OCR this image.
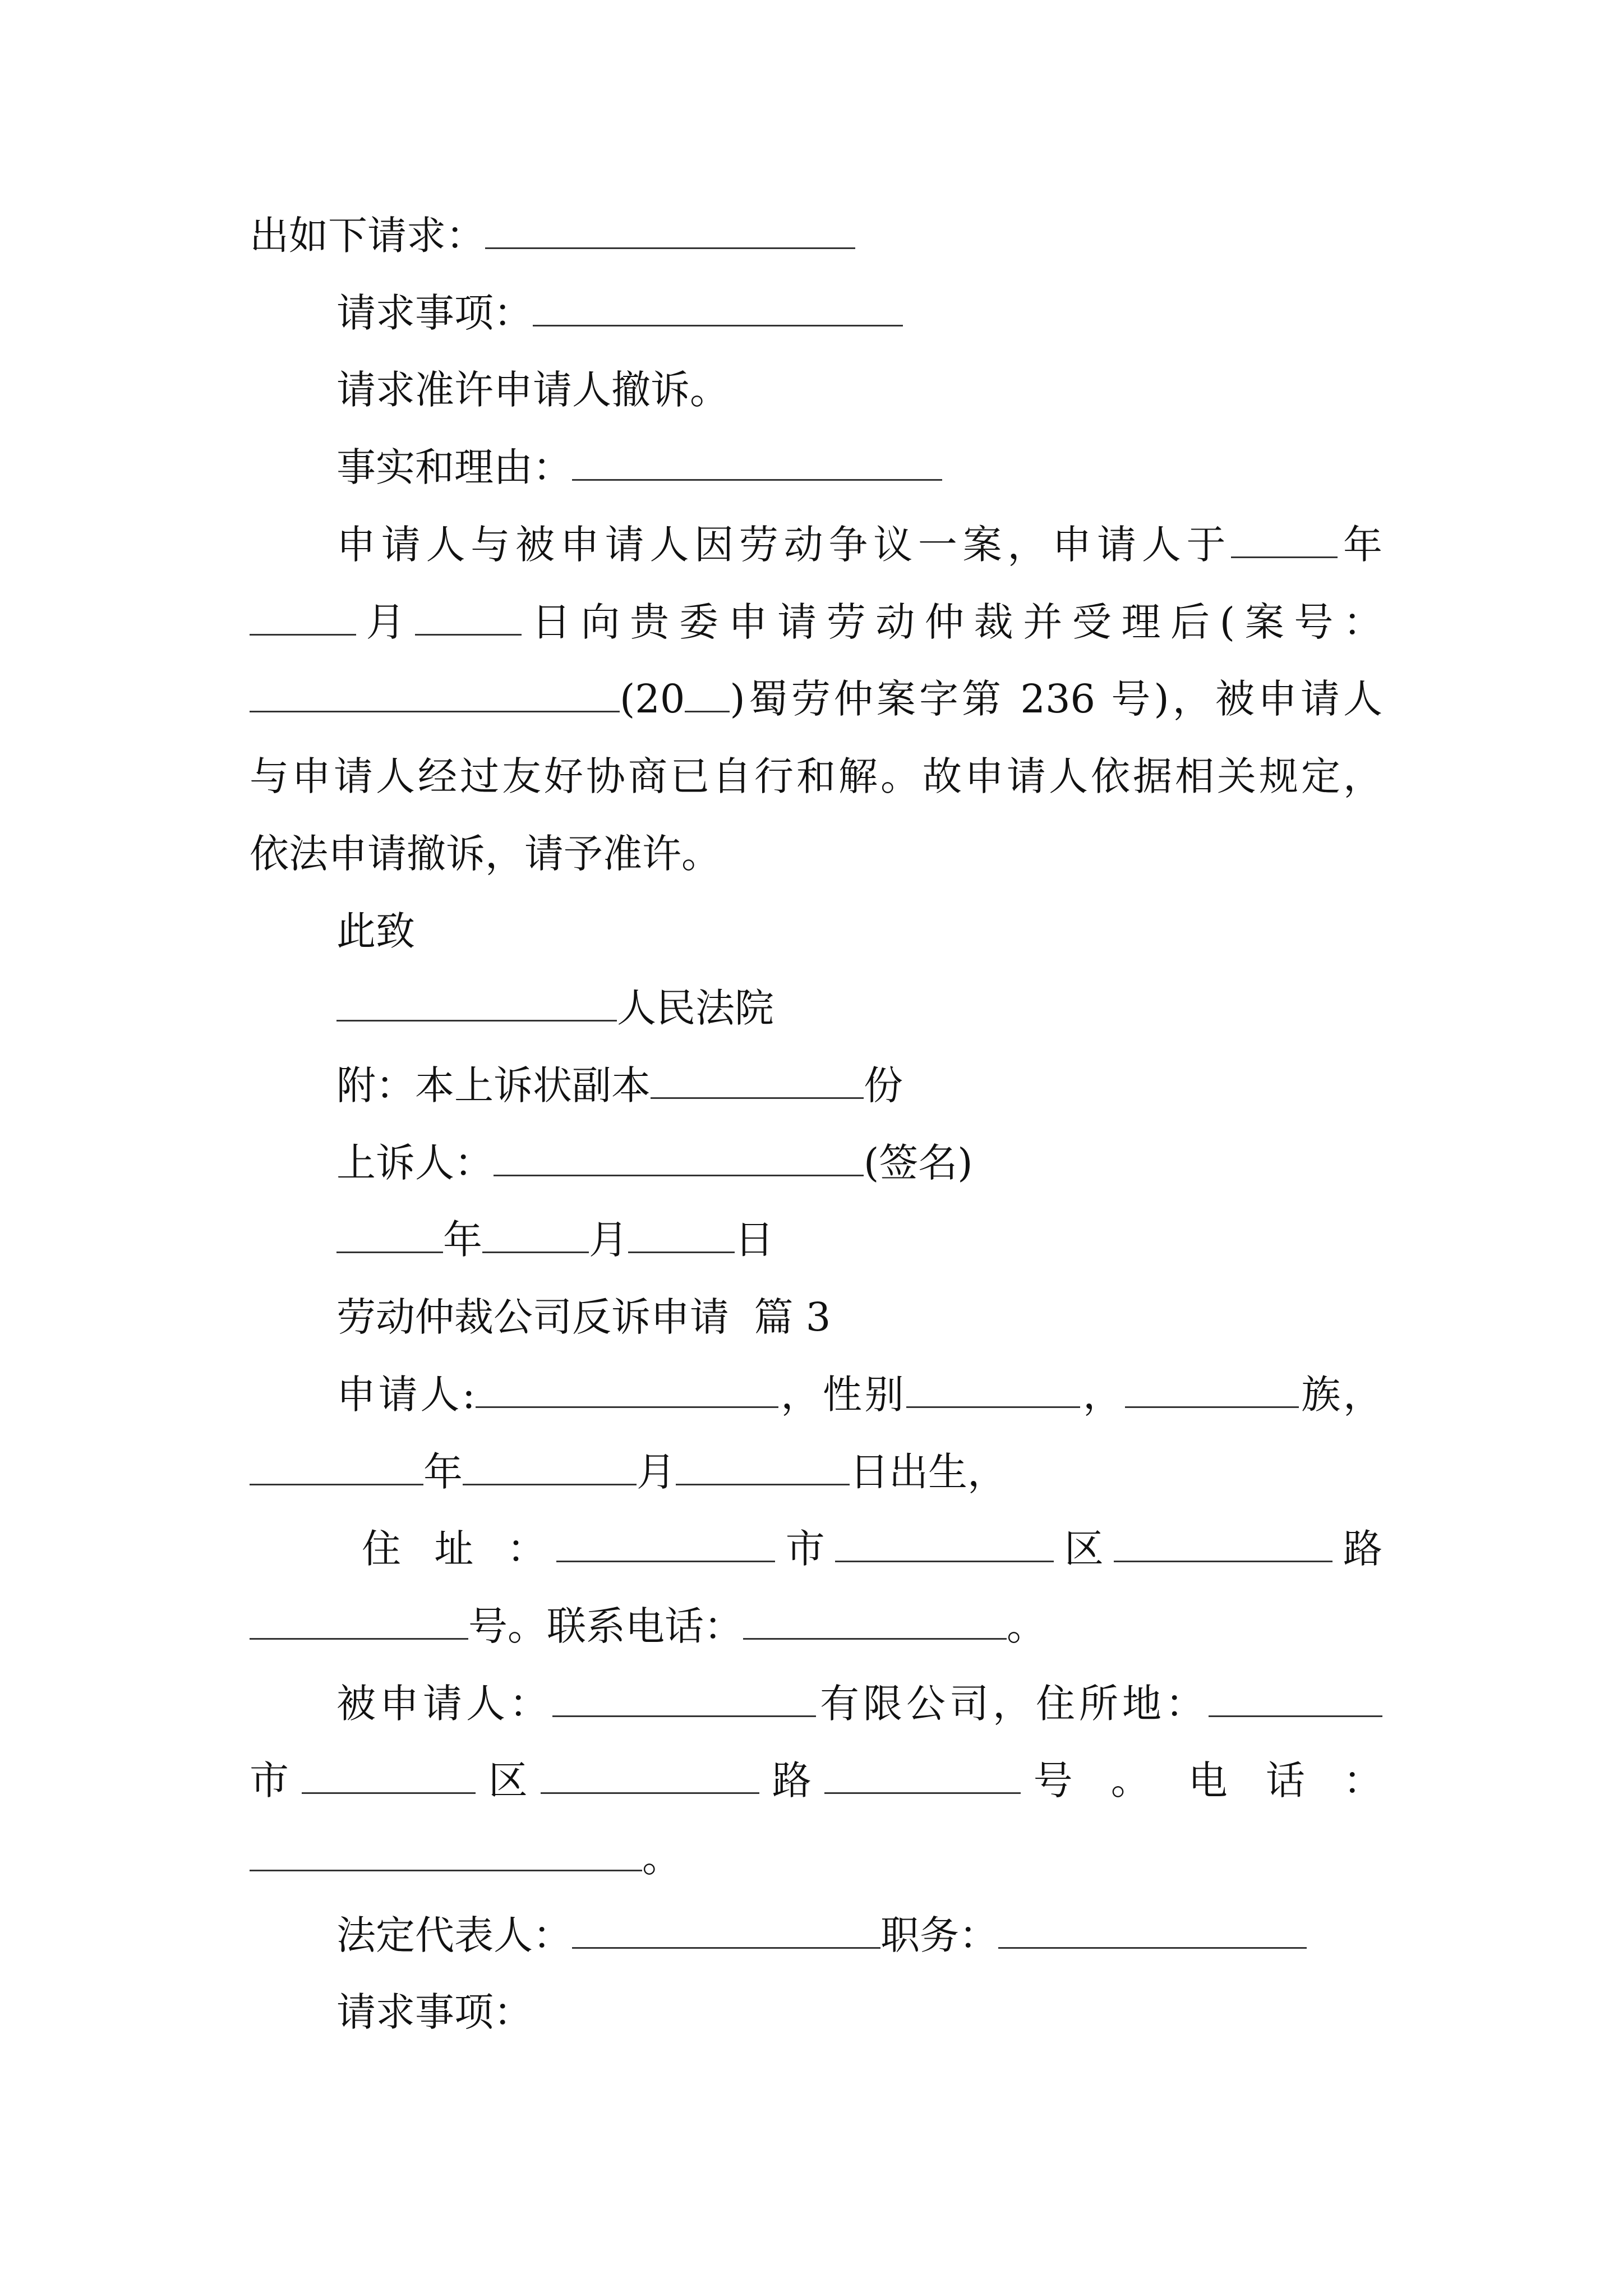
出如下请求：
请求事项：
请求准许申请人撤诉。
事实和理由：
申请人与被申请人因劳动争议一案，申请人于	年
月	日向贵委申请劳动仲裁并受理后(案号：
(20 )蜀劳仲案字第 236 号)，被申请人
与申请人经过友好协商已自行和解。故申请人依据相关规定，
依法申请撤诉，请予准许。
此致
人民法院
附：本上诉状副本	份
上诉人：	(签名)
年	月	日
劳动仲裁公司反诉申请  篇 3
申请人:	，性别	，	族，
年	月	日出生，
住 址 ：	市	区	路
号。联系电话：	。
被申请人：	有限公司，住所地：
市	区	路	号 。 电 话 ：
。
法定代表人：	职务：
请求事项：
